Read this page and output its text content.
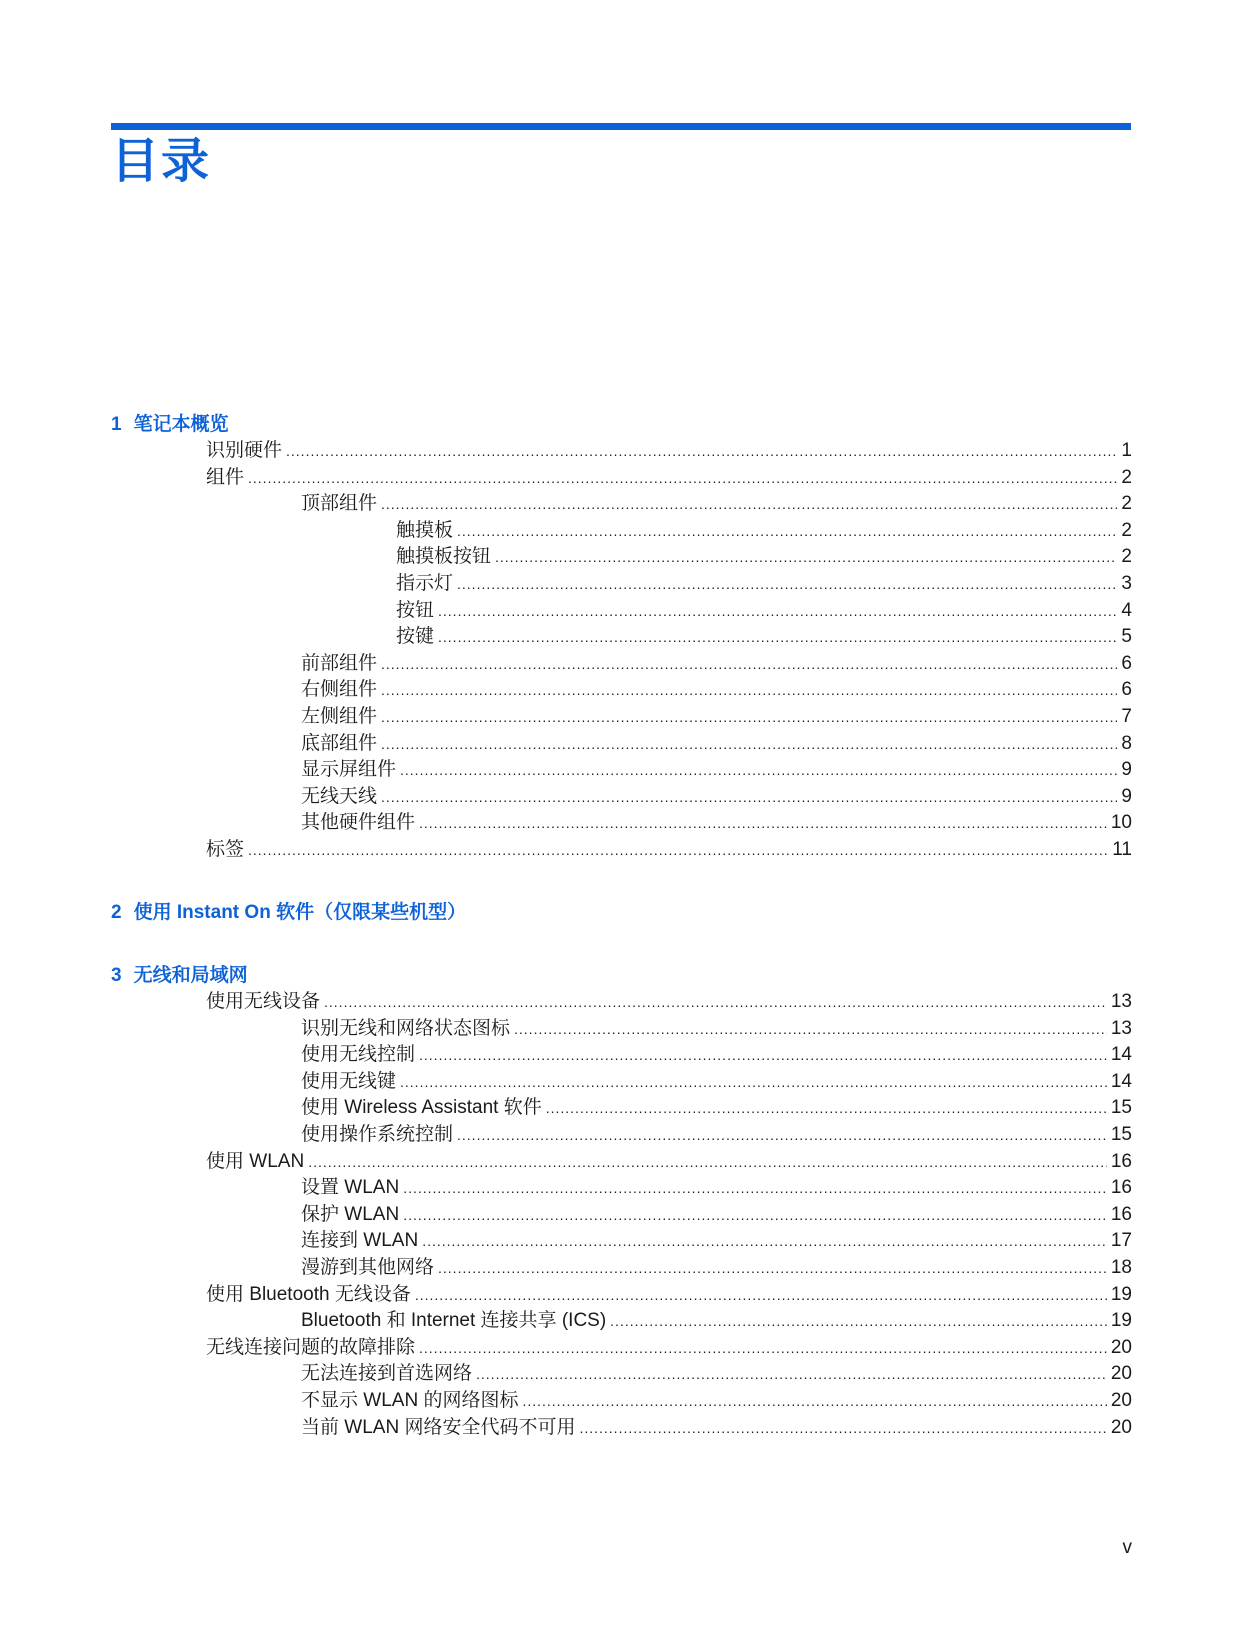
目录
1 笔记本概览
识别硬件 .....	1
组件 .....	2
顶部组件 .....	2
触摸板 .....	2
触摸板按钮 .....	2
指示灯 .....	3
按钮 .....	4
按键 .....	5
前部组件 .....	6
右侧组件 .....	6
左侧组件 .....	7
底部组件 .....	8
显示屏组件 .....	9
无线天线 .....	9
其他硬件组件 .....	10
标签 .....	11
2 使用 Instant On 软件（仅限某些机型）
3 无线和局域网
使用无线设备 .....	13
识别无线和网络状态图标 .....	13
使用无线控制 .....	14
使用无线键 .....	14
使用 Wireless Assistant 软件 .....	15
使用操作系统控制 .....	15
使用 WLAN .....	16
设置 WLAN .....	16
保护 WLAN .....	16
连接到 WLAN .....	17
漫游到其他网络 .....	18
使用 Bluetooth 无线设备 .....	19
Bluetooth 和 Internet 连接共享 (ICS) .....	19
无线连接问题的故障排除 .....	20
无法连接到首选网络 .....	20
不显示 WLAN 的网络图标 .....	20
当前 WLAN 网络安全代码不可用 .....	20
v
